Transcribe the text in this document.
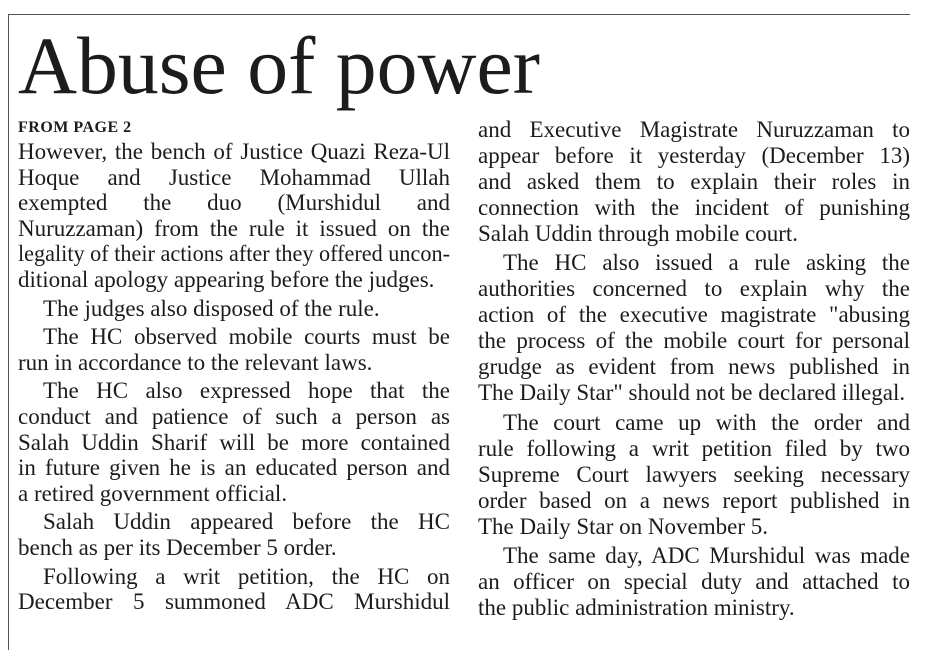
Abuse of power
FROM PAGE 2
However, the bench of Justice Quazi Reza-Ul
Hoque and Justice Mohammad Ullah
exempted the duo (Murshidul and
Nuruzzaman) from the rule it issued on the
legality of their actions after they offered uncon-
ditional apology appearing before the judges.
The judges also disposed of the rule.
The HC observed mobile courts must be
run in accordance to the relevant laws.
The HC also expressed hope that the
conduct and patience of such a person as
Salah Uddin Sharif will be more contained
in future given he is an educated person and
a retired government official.
Salah Uddin appeared before the HC
bench as per its December 5 order.
Following a writ petition, the HC on
December 5 summoned ADC Murshidul
and Executive Magistrate Nuruzzaman to
appear before it yesterday (December 13)
and asked them to explain their roles in
connection with the incident of punishing
Salah Uddin through mobile court.
The HC also issued a rule asking the
authorities concerned to explain why the
action of the executive magistrate "abusing
the process of the mobile court for personal
grudge as evident from news published in
The Daily Star" should not be declared illegal.
The court came up with the order and
rule following a writ petition filed by two
Supreme Court lawyers seeking necessary
order based on a news report published in
The Daily Star on November 5.
The same day, ADC Murshidul was made
an officer on special duty and attached to
the public administration ministry.
